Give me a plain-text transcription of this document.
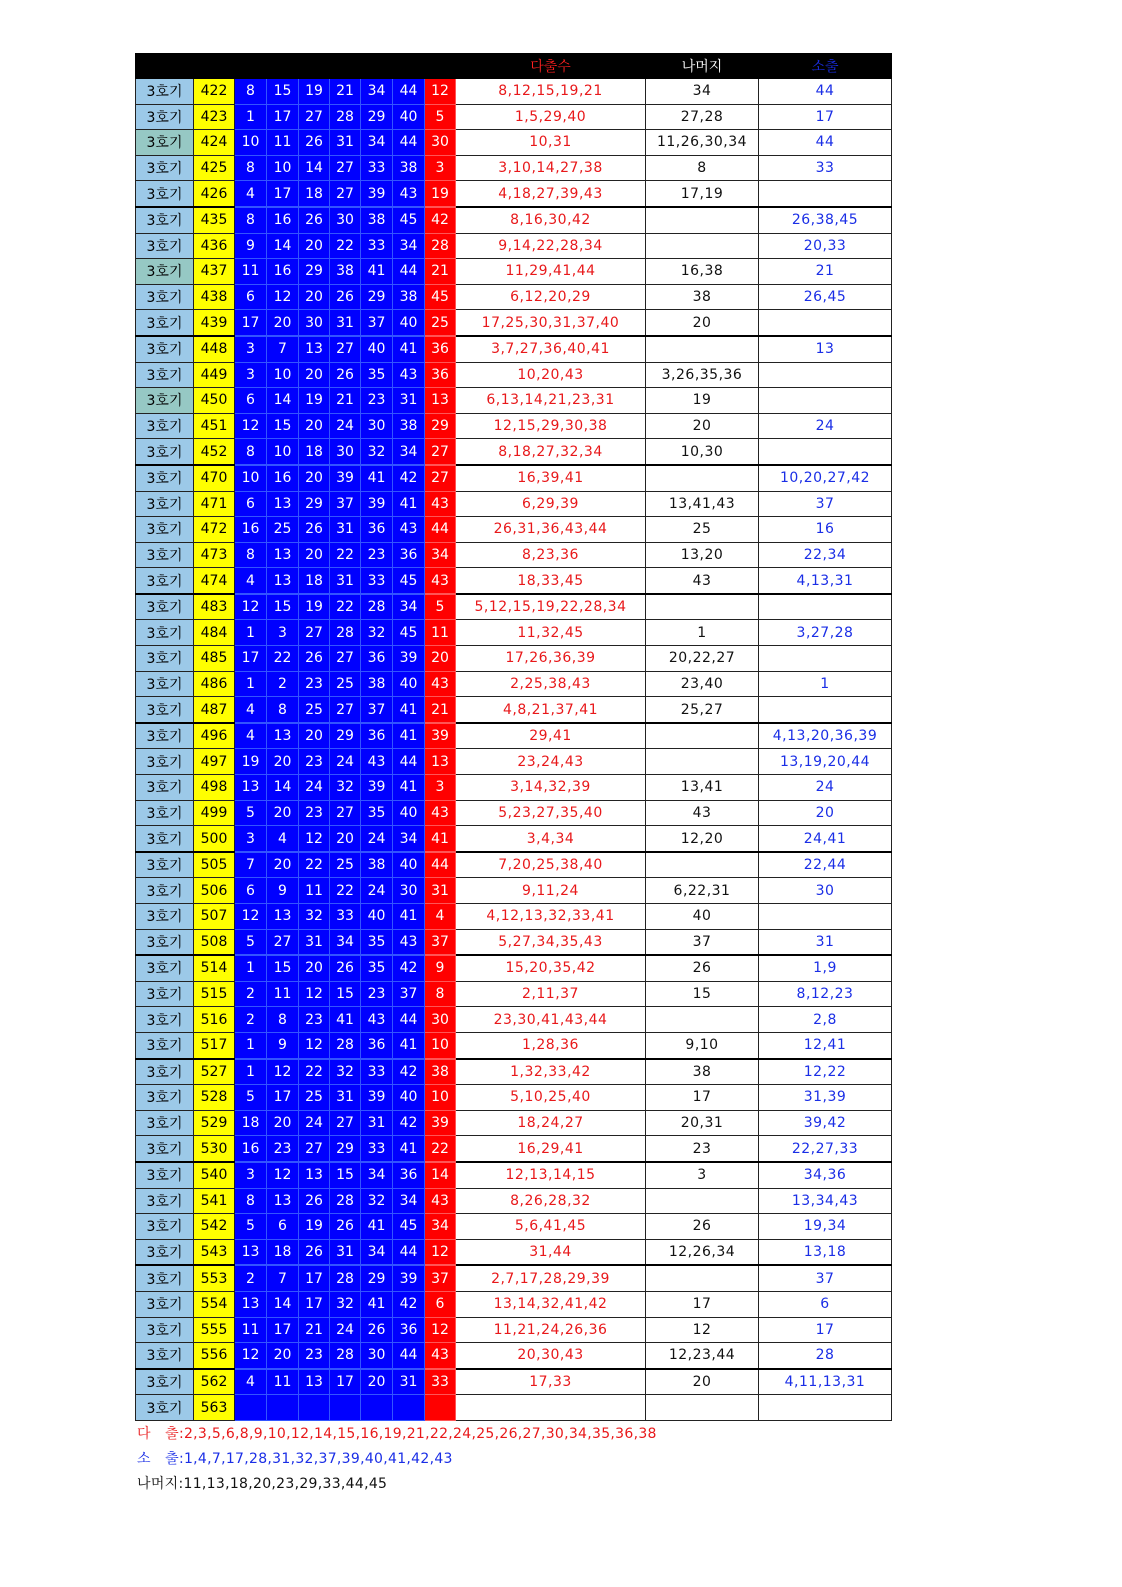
									다출수	나머지	소출
3호기	422	8	15	19	21	34	44	12	8,12,15,19,21	34	44
3호기	423	1	17	27	28	29	40	5	1,5,29,40	27,28	17
3호기	424	10	11	26	31	34	44	30	10,31	11,26,30,34	44
3호기	425	8	10	14	27	33	38	3	3,10,14,27,38	8	33
3호기	426	4	17	18	27	39	43	19	4,18,27,39,43	17,19	
3호기	435	8	16	26	30	38	45	42	8,16,30,42		26,38,45
3호기	436	9	14	20	22	33	34	28	9,14,22,28,34		20,33
3호기	437	11	16	29	38	41	44	21	11,29,41,44	16,38	21
3호기	438	6	12	20	26	29	38	45	6,12,20,29	38	26,45
3호기	439	17	20	30	31	37	40	25	17,25,30,31,37,40	20	
3호기	448	3	7	13	27	40	41	36	3,7,27,36,40,41		13
3호기	449	3	10	20	26	35	43	36	10,20,43	3,26,35,36	
3호기	450	6	14	19	21	23	31	13	6,13,14,21,23,31	19	
3호기	451	12	15	20	24	30	38	29	12,15,29,30,38	20	24
3호기	452	8	10	18	30	32	34	27	8,18,27,32,34	10,30	
3호기	470	10	16	20	39	41	42	27	16,39,41		10,20,27,42
3호기	471	6	13	29	37	39	41	43	6,29,39	13,41,43	37
3호기	472	16	25	26	31	36	43	44	26,31,36,43,44	25	16
3호기	473	8	13	20	22	23	36	34	8,23,36	13,20	22,34
3호기	474	4	13	18	31	33	45	43	18,33,45	43	4,13,31
3호기	483	12	15	19	22	28	34	5	5,12,15,19,22,28,34		
3호기	484	1	3	27	28	32	45	11	11,32,45	1	3,27,28
3호기	485	17	22	26	27	36	39	20	17,26,36,39	20,22,27	
3호기	486	1	2	23	25	38	40	43	2,25,38,43	23,40	1
3호기	487	4	8	25	27	37	41	21	4,8,21,37,41	25,27	
3호기	496	4	13	20	29	36	41	39	29,41		4,13,20,36,39
3호기	497	19	20	23	24	43	44	13	23,24,43		13,19,20,44
3호기	498	13	14	24	32	39	41	3	3,14,32,39	13,41	24
3호기	499	5	20	23	27	35	40	43	5,23,27,35,40	43	20
3호기	500	3	4	12	20	24	34	41	3,4,34	12,20	24,41
3호기	505	7	20	22	25	38	40	44	7,20,25,38,40		22,44
3호기	506	6	9	11	22	24	30	31	9,11,24	6,22,31	30
3호기	507	12	13	32	33	40	41	4	4,12,13,32,33,41	40	
3호기	508	5	27	31	34	35	43	37	5,27,34,35,43	37	31
3호기	514	1	15	20	26	35	42	9	15,20,35,42	26	1,9
3호기	515	2	11	12	15	23	37	8	2,11,37	15	8,12,23
3호기	516	2	8	23	41	43	44	30	23,30,41,43,44		2,8
3호기	517	1	9	12	28	36	41	10	1,28,36	9,10	12,41
3호기	527	1	12	22	32	33	42	38	1,32,33,42	38	12,22
3호기	528	5	17	25	31	39	40	10	5,10,25,40	17	31,39
3호기	529	18	20	24	27	31	42	39	18,24,27	20,31	39,42
3호기	530	16	23	27	29	33	41	22	16,29,41	23	22,27,33
3호기	540	3	12	13	15	34	36	14	12,13,14,15	3	34,36
3호기	541	8	13	26	28	32	34	43	8,26,28,32		13,34,43
3호기	542	5	6	19	26	41	45	34	5,6,41,45	26	19,34
3호기	543	13	18	26	31	34	44	12	31,44	12,26,34	13,18
3호기	553	2	7	17	28	29	39	37	2,7,17,28,29,39		37
3호기	554	13	14	17	32	41	42	6	13,14,32,41,42	17	6
3호기	555	11	17	21	24	26	36	12	11,21,24,26,36	12	17
3호기	556	12	20	23	28	30	44	43	20,30,43	12,23,44	28
3호기	562	4	11	13	17	20	31	33	17,33	20	4,11,13,31
3호기	563										
다　출:2,3,5,6,8,9,10,12,14,15,16,19,21,22,24,25,26,27,30,34,35,36,38
소　출:1,4,7,17,28,31,32,37,39,40,41,42,43
나머지:11,13,18,20,23,29,33,44,45
